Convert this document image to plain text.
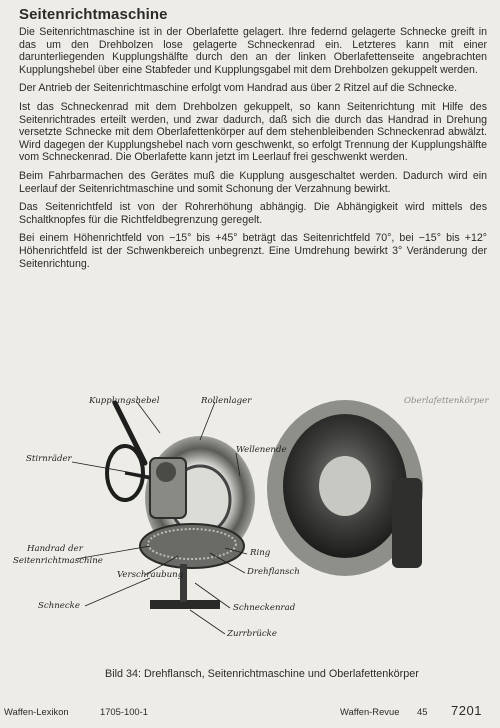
Seitenrichtmaschine

Die Seitenrichtmaschine ist in der Oberlafette gelagert. Ihre federnd gelagerte Schnecke greift in das um den Drehbolzen lose gelagerte Schneckenrad ein. Letzteres kann mit einer darunterliegenden Kupplungshälfte durch den an der linken Oberlafettenseite angebrachten Kupplungshebel über eine Stabfeder und Kupplungsgabel mit dem Drehbolzen gekuppelt werden.

Der Antrieb der Seitenrichtmaschine erfolgt vom Handrad aus über 2 Ritzel auf die Schnecke.

Ist das Schneckenrad mit dem Drehbolzen gekuppelt, so kann Seitenrichtung mit Hilfe des Seitenrichtrades erteilt werden, und zwar dadurch, daß sich die durch das Handrad in Drehung versetzte Schnecke mit dem Oberlafettenkörper auf dem stehenbleibenden Schneckenrad abwälzt. Wird dagegen der Kupplungshebel nach vorn geschwenkt, so erfolgt Trennung der Kupplungshälfte vom Schneckenrad. Die Oberlafette kann jetzt im Leerlauf frei geschwenkt werden.

Beim Fahrbarmachen des Gerätes muß die Kupplung ausgeschaltet werden. Dadurch wird ein Leerlauf der Seitenrichtmaschine und somit Schonung der Verzahnung bewirkt.

Das Seitenrichtfeld ist von der Rohrerhöhung abhängig. Die Abhängigkeit wird mittels des Schaltknopfes für die Richtfeldbegrenzung geregelt.

Bei einem Höhenrichtfeld von −15° bis +45° beträgt das Seitenrichtfeld 70°, bei −15° bis +12° Höhenrichtfeld ist der Schwenkbereich unbegrenzt. Eine Umdrehung bewirkt 3° Veränderung der Seitenrichtung.

Kupplungshebel	Rollenlager	Oberlafettenkörper
Stirnräder
Wellenende
Handrad der
Seitenrichtmaschine
Verschraubung
Ring
Drehflansch
Schnecke	Schneckenrad
Zurrbrücke
Bild 34: Drehflansch, Seitenrichtmaschine und Oberlafettenkörper
Waffen-Lexikon	1705-100-1	Waffen-Revue 45 7201
